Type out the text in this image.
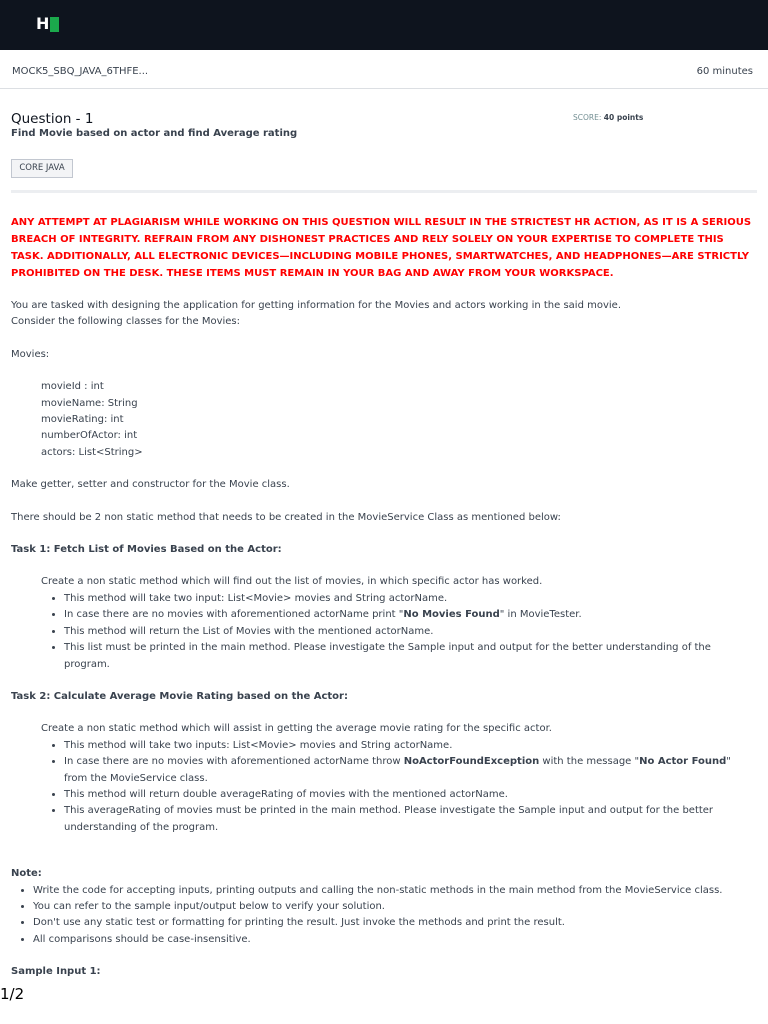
H
MOCK5_SBQ_JAVA_6THFE...	60 minutes
Question - 1
Find Movie based on actor and find Average rating
SCORE: 40 points
CORE JAVA

ANY ATTEMPT AT PLAGIARISM WHILE WORKING ON THIS QUESTION WILL RESULT IN THE STRICTEST HR ACTION, AS IT IS A SERIOUS BREACH OF INTEGRITY. REFRAIN FROM ANY DISHONEST PRACTICES AND RELY SOLELY ON YOUR EXPERTISE TO COMPLETE THIS TASK. ADDITIONALLY, ALL ELECTRONIC DEVICES—INCLUDING MOBILE PHONES, SMARTWATCHES, AND HEADPHONES—ARE STRICTLY PROHIBITED ON THE DESK. THESE ITEMS MUST REMAIN IN YOUR BAG AND AWAY FROM YOUR WORKSPACE.

You are tasked with designing the application for getting information for the Movies and actors working in the said movie.

Consider the following classes for the Movies:

Movies:

movieId : int

movieName: String

movieRating: int

numberOfActor: int

actors: List<String>

Make getter, setter and constructor for the Movie class.

There should be 2 non static method that needs to be created in the MovieService Class as mentioned below:

Task 1: Fetch List of Movies Based on the Actor:

Create a non static method which will find out the list of movies, in which specific actor has worked.

• This method will take two input: List<Movie> movies and String actorName.
• In case there are no movies with aforementioned actorName print "No Movies Found" in MovieTester.
• This method will return the List of Movies with the mentioned actorName.
• This list must be printed in the main method. Please investigate the Sample input and output for the better understanding of the program.

Task 2: Calculate Average Movie Rating based on the Actor:

Create a non static method which will assist in getting the average movie rating for the specific actor.

• This method will take two inputs: List<Movie> movies and String actorName.
• In case there are no movies with aforementioned actorName throw NoActorFoundException with the message "No Actor Found" from the MovieService class.
• This method will return double averageRating of movies with the mentioned actorName.
• This averageRating of movies must be printed in the main method. Please investigate the Sample input and output for the better understanding of the program.

Note:

• Write the code for accepting inputs, printing outputs and calling the non-static methods in the main method from the MovieService class.
• You can refer to the sample input/output below to verify your solution.
• Don't use any static test or formatting for printing the result. Just invoke the methods and print the result.
• All comparisons should be case-insensitive.

Sample Input 1:

1/2
